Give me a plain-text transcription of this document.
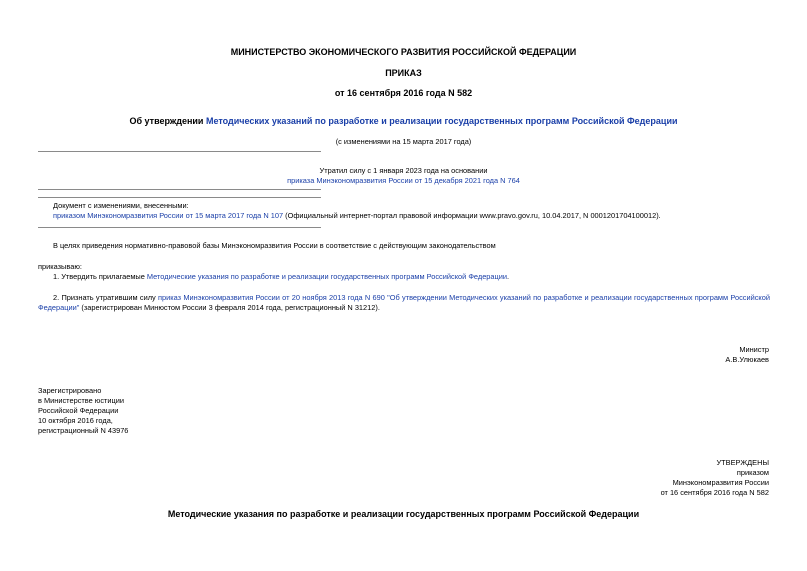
МИНИСТЕРСТВО ЭКОНОМИЧЕСКОГО РАЗВИТИЯ РОССИЙСКОЙ ФЕДЕРАЦИИ
ПРИКАЗ
от 16 сентября 2016 года N 582
Об утверждении Методических указаний по разработке и реализации государственных программ Российской Федерации
(с изменениями на 15 марта 2017 года)
Утратил силу с 1 января 2023 года на основании
приказа Минэкономразвития России от 15 декабря 2021 года N 764
Документ с изменениями, внесенными:
приказом Минэкономразвития России от 15 марта 2017 года N 107 (Официальный интернет-портал правовой информации www.pravo.gov.ru, 10.04.2017, N 0001201704100012).
В целях приведения нормативно-правовой базы Минэкономразвития России в соответствие с действующим законодательством
приказываю:
1. Утвердить прилагаемые Методические указания по разработке и реализации государственных программ Российской Федерации.
2. Признать утратившим силу приказ Минэкономразвития России от 20 ноября 2013 года N 690 "Об утверждении Методических указаний по разработке и реализации государственных программ Российской Федерации" (зарегистрирован Минюстом России 3 февраля 2014 года, регистрационный N 31212).
Министр
А.В.Улюкаев
Зарегистрировано
в Министерстве юстиции
Российской Федерации
10 октября 2016 года,
регистрационный N 43976
УТВЕРЖДЕНЫ
приказом
Минэкономразвития России
от 16 сентября 2016 года N 582
Методические указания по разработке и реализации государственных программ Российской Федерации
